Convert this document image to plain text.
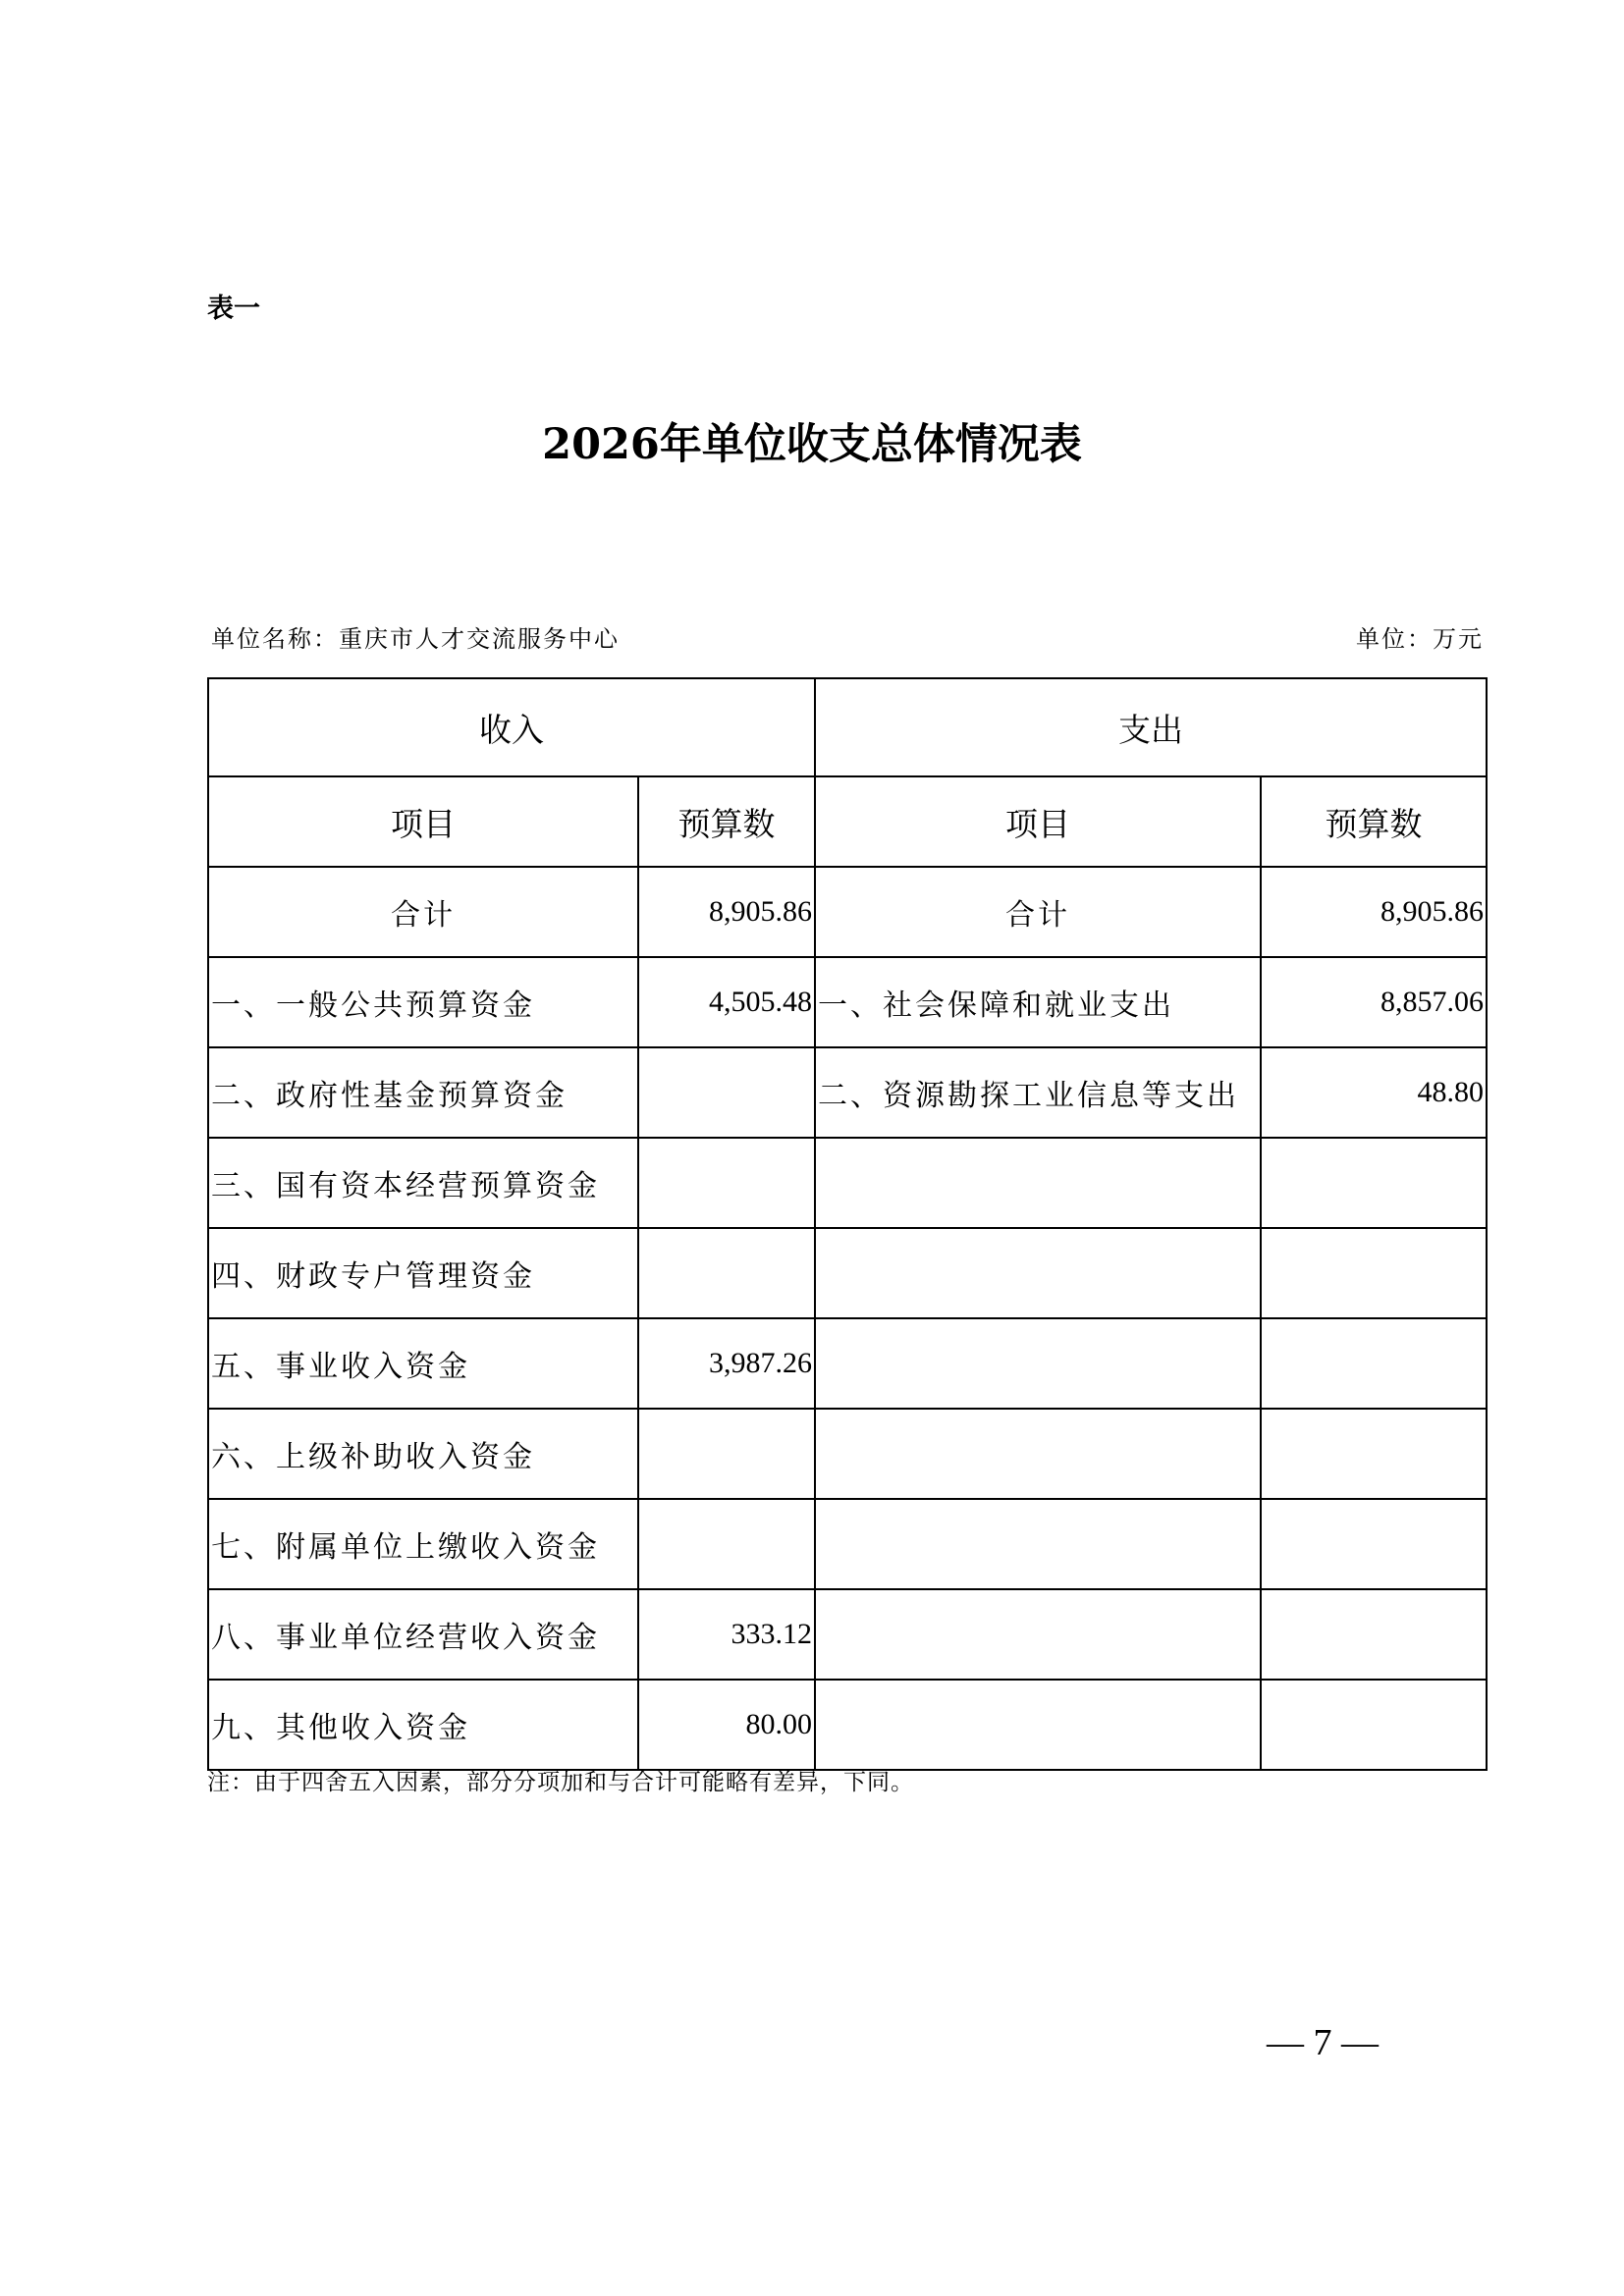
表一
2026年单位收支总体情况表
单位名称：重庆市人才交流服务中心	单位：万元
收入		支出	
项目	预算数	项目	预算数
合计	8,905.86	合计	8,905.86
一、一般公共预算资金	4,505.48	一、社会保障和就业支出	8,857.06
二、政府性基金预算资金		二、资源勘探工业信息等支出	48.80
三、国有资本经营预算资金			
四、财政专户管理资金			
五、事业收入资金	3,987.26		
六、上级补助收入资金			
七、附属单位上缴收入资金			
八、事业单位经营收入资金	333.12		
九、其他收入资金	80.00		
注：由于四舍五入因素，部分分项加和与合计可能略有差异，下同。
— 7 —
